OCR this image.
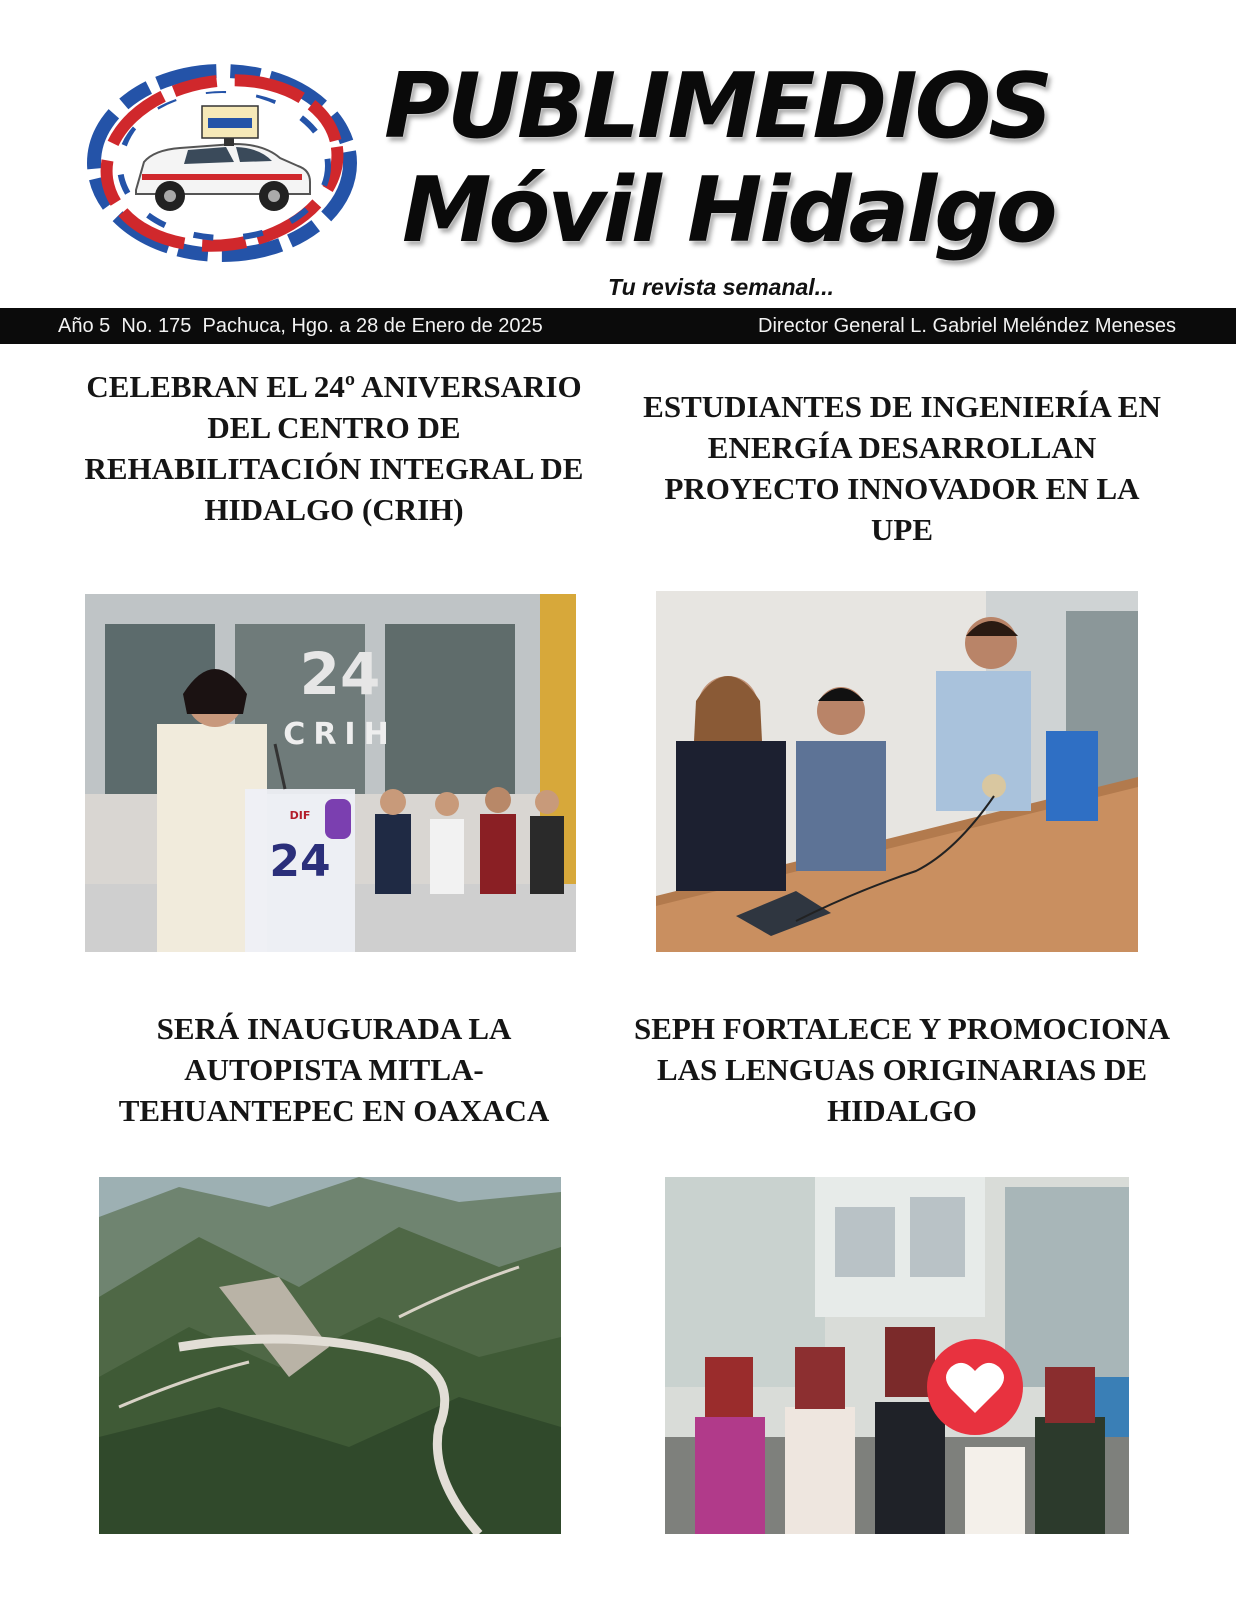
PUBLIMEDIOS
Móvil Hidalgo
Tu revista semanal...
Año 5  No. 175  Pachuca, Hgo. a 28 de Enero de 2025	Director General L. Gabriel Meléndez Meneses
CELEBRAN EL 24º ANIVERSARIO DEL CENTRO DE REHABILITACIÓN INTEGRAL DE HIDALGO (CRIH)
24
CRIH
DIF
24
ESTUDIANTES DE INGENIERÍA EN ENERGÍA DESARROLLAN PROYECTO INNOVADOR EN LA UPE
SERÁ INAUGURADA LA AUTOPISTA MITLA-TEHUANTEPEC EN OAXACA
SEPH FORTALECE Y PROMOCIONA LAS LENGUAS ORIGINARIAS DE HIDALGO
